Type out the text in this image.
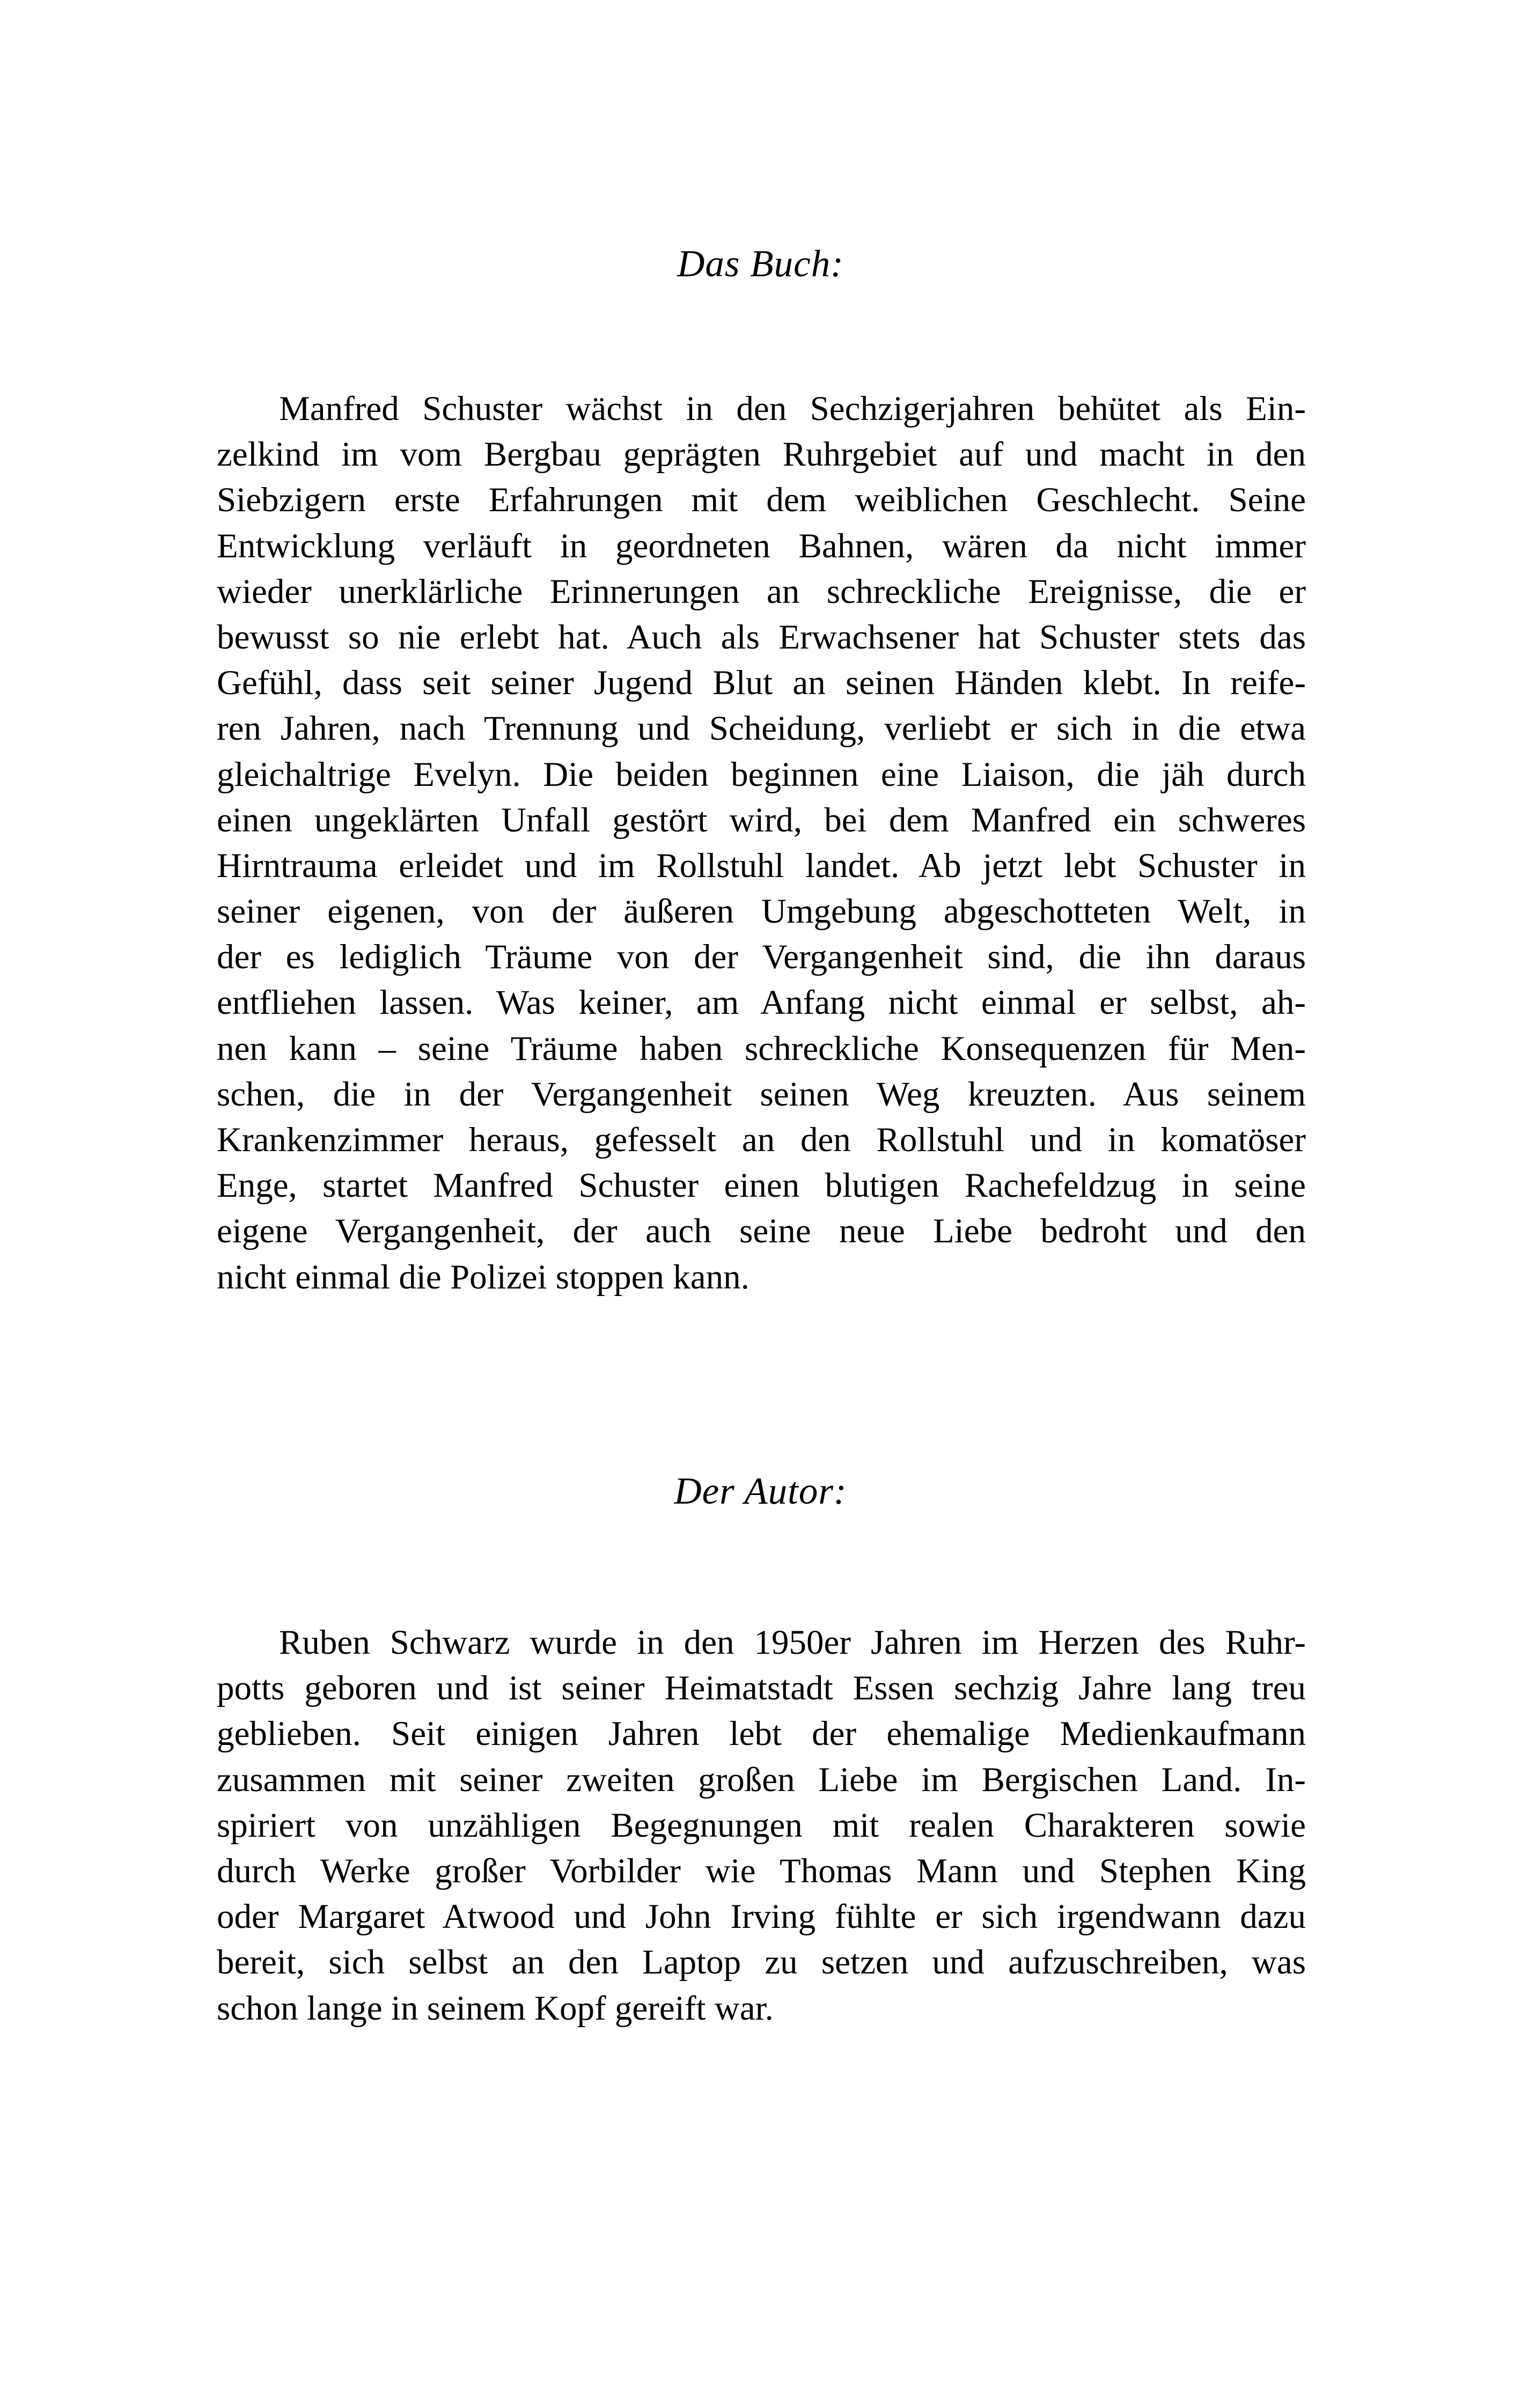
Das Buch:
Manfred Schuster wächst in den Sechzigerjahren behütet als Ein-
zelkind im vom Bergbau geprägten Ruhrgebiet auf und macht in den
Siebzigern erste Erfahrungen mit dem weiblichen Geschlecht. Seine
Entwicklung verläuft in geordneten Bahnen, wären da nicht immer
wieder unerklärliche Erinnerungen an schreckliche Ereignisse, die er
bewusst so nie erlebt hat. Auch als Erwachsener hat Schuster stets das
Gefühl, dass seit seiner Jugend Blut an seinen Händen klebt. In reife-
ren Jahren, nach Trennung und Scheidung, verliebt er sich in die etwa
gleichaltrige Evelyn. Die beiden beginnen eine Liaison, die jäh durch
einen ungeklärten Unfall gestört wird, bei dem Manfred ein schweres
Hirntrauma erleidet und im Rollstuhl landet. Ab jetzt lebt Schuster in
seiner eigenen, von der äußeren Umgebung abgeschotteten Welt, in
der es lediglich Träume von der Vergangenheit sind, die ihn daraus
entfliehen lassen. Was keiner, am Anfang nicht einmal er selbst, ah-
nen kann – seine Träume haben schreckliche Konsequenzen für Men-
schen, die in der Vergangenheit seinen Weg kreuzten. Aus seinem
Krankenzimmer heraus, gefesselt an den Rollstuhl und in komatöser
Enge, startet Manfred Schuster einen blutigen Rachefeldzug in seine
eigene Vergangenheit, der auch seine neue Liebe bedroht und den
nicht einmal die Polizei stoppen kann.
Der Autor:
Ruben Schwarz wurde in den 1950er Jahren im Herzen des Ruhr-
potts geboren und ist seiner Heimatstadt Essen sechzig Jahre lang treu
geblieben. Seit einigen Jahren lebt der ehemalige Medienkaufmann
zusammen mit seiner zweiten großen Liebe im Bergischen Land. In-
spiriert von unzähligen Begegnungen mit realen Charakteren sowie
durch Werke großer Vorbilder wie Thomas Mann und Stephen King
oder Margaret Atwood und John Irving fühlte er sich irgendwann dazu
bereit, sich selbst an den Laptop zu setzen und aufzuschreiben, was
schon lange in seinem Kopf gereift war.
